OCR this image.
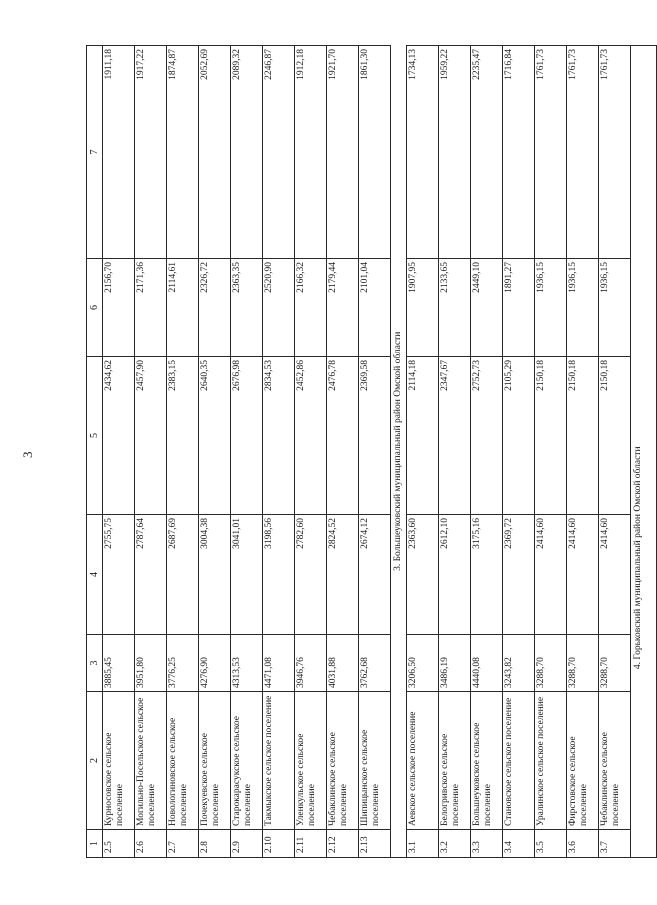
3
1	2	3	4	5	6	7
2.5	Курносовское сельское поселение	3885,45	2755,75	2434,62	2156,70	1911,18
2.6	Могильно-Посельское сельское поселение	3951,80	2787,64	2457,90	2171,36	1917,22
2.7	Новологиновское сельское поселение	3776,25	2687,69	2383,15	2114,61	1874,87
2.8	Почекуевское сельское поселение	4276,90	3004,38	2640,35	2326,72	2052,69
2.9	Старокарасукское сельское поселение	4313,53	3041,01	2676,98	2363,35	2089,32
2.10	Такмыкское сельское поселение	4471,08	3198,56	2834,53	2520,90	2246,87
2.11	Уленкульское сельское поселение	3946,76	2782,60	2452,86	2166,32	1912,18
2.12	Чебаклинское сельское поселение	4031,88	2824,52	2476,78	2179,44	1921,70
2.13	Шипицынское сельское поселение	3762,68	2674,12	2369,58	2101,04	1861,30
3. Большеуковский муниципальный район Омской области						
3.1	Аевское сельское поселение	3206,50	2363,60	2114,18	1907,95	1734,13
3.2	Белогривское сельское поселение	3486,19	2612,10	2347,67	2133,65	1959,22
3.3	Большеуковское сельское поселение	4440,08	3175,16	2752,73	2449,10	2235,47
3.4	Становское сельское поселение	3243,82	2369,72	2105,29	1891,27	1716,84
3.5	Уралинское сельское поселение	3288,70	2414,60	2150,18	1936,15	1761,73
3.6	Фирстовское сельское поселение	3288,70	2414,60	2150,18	1936,15	1761,73
3.7	Чебаклинское сельское поселение	3288,70	2414,60	2150,18	1936,15	1761,73
4. Горьковский муниципальный район Омской области						
